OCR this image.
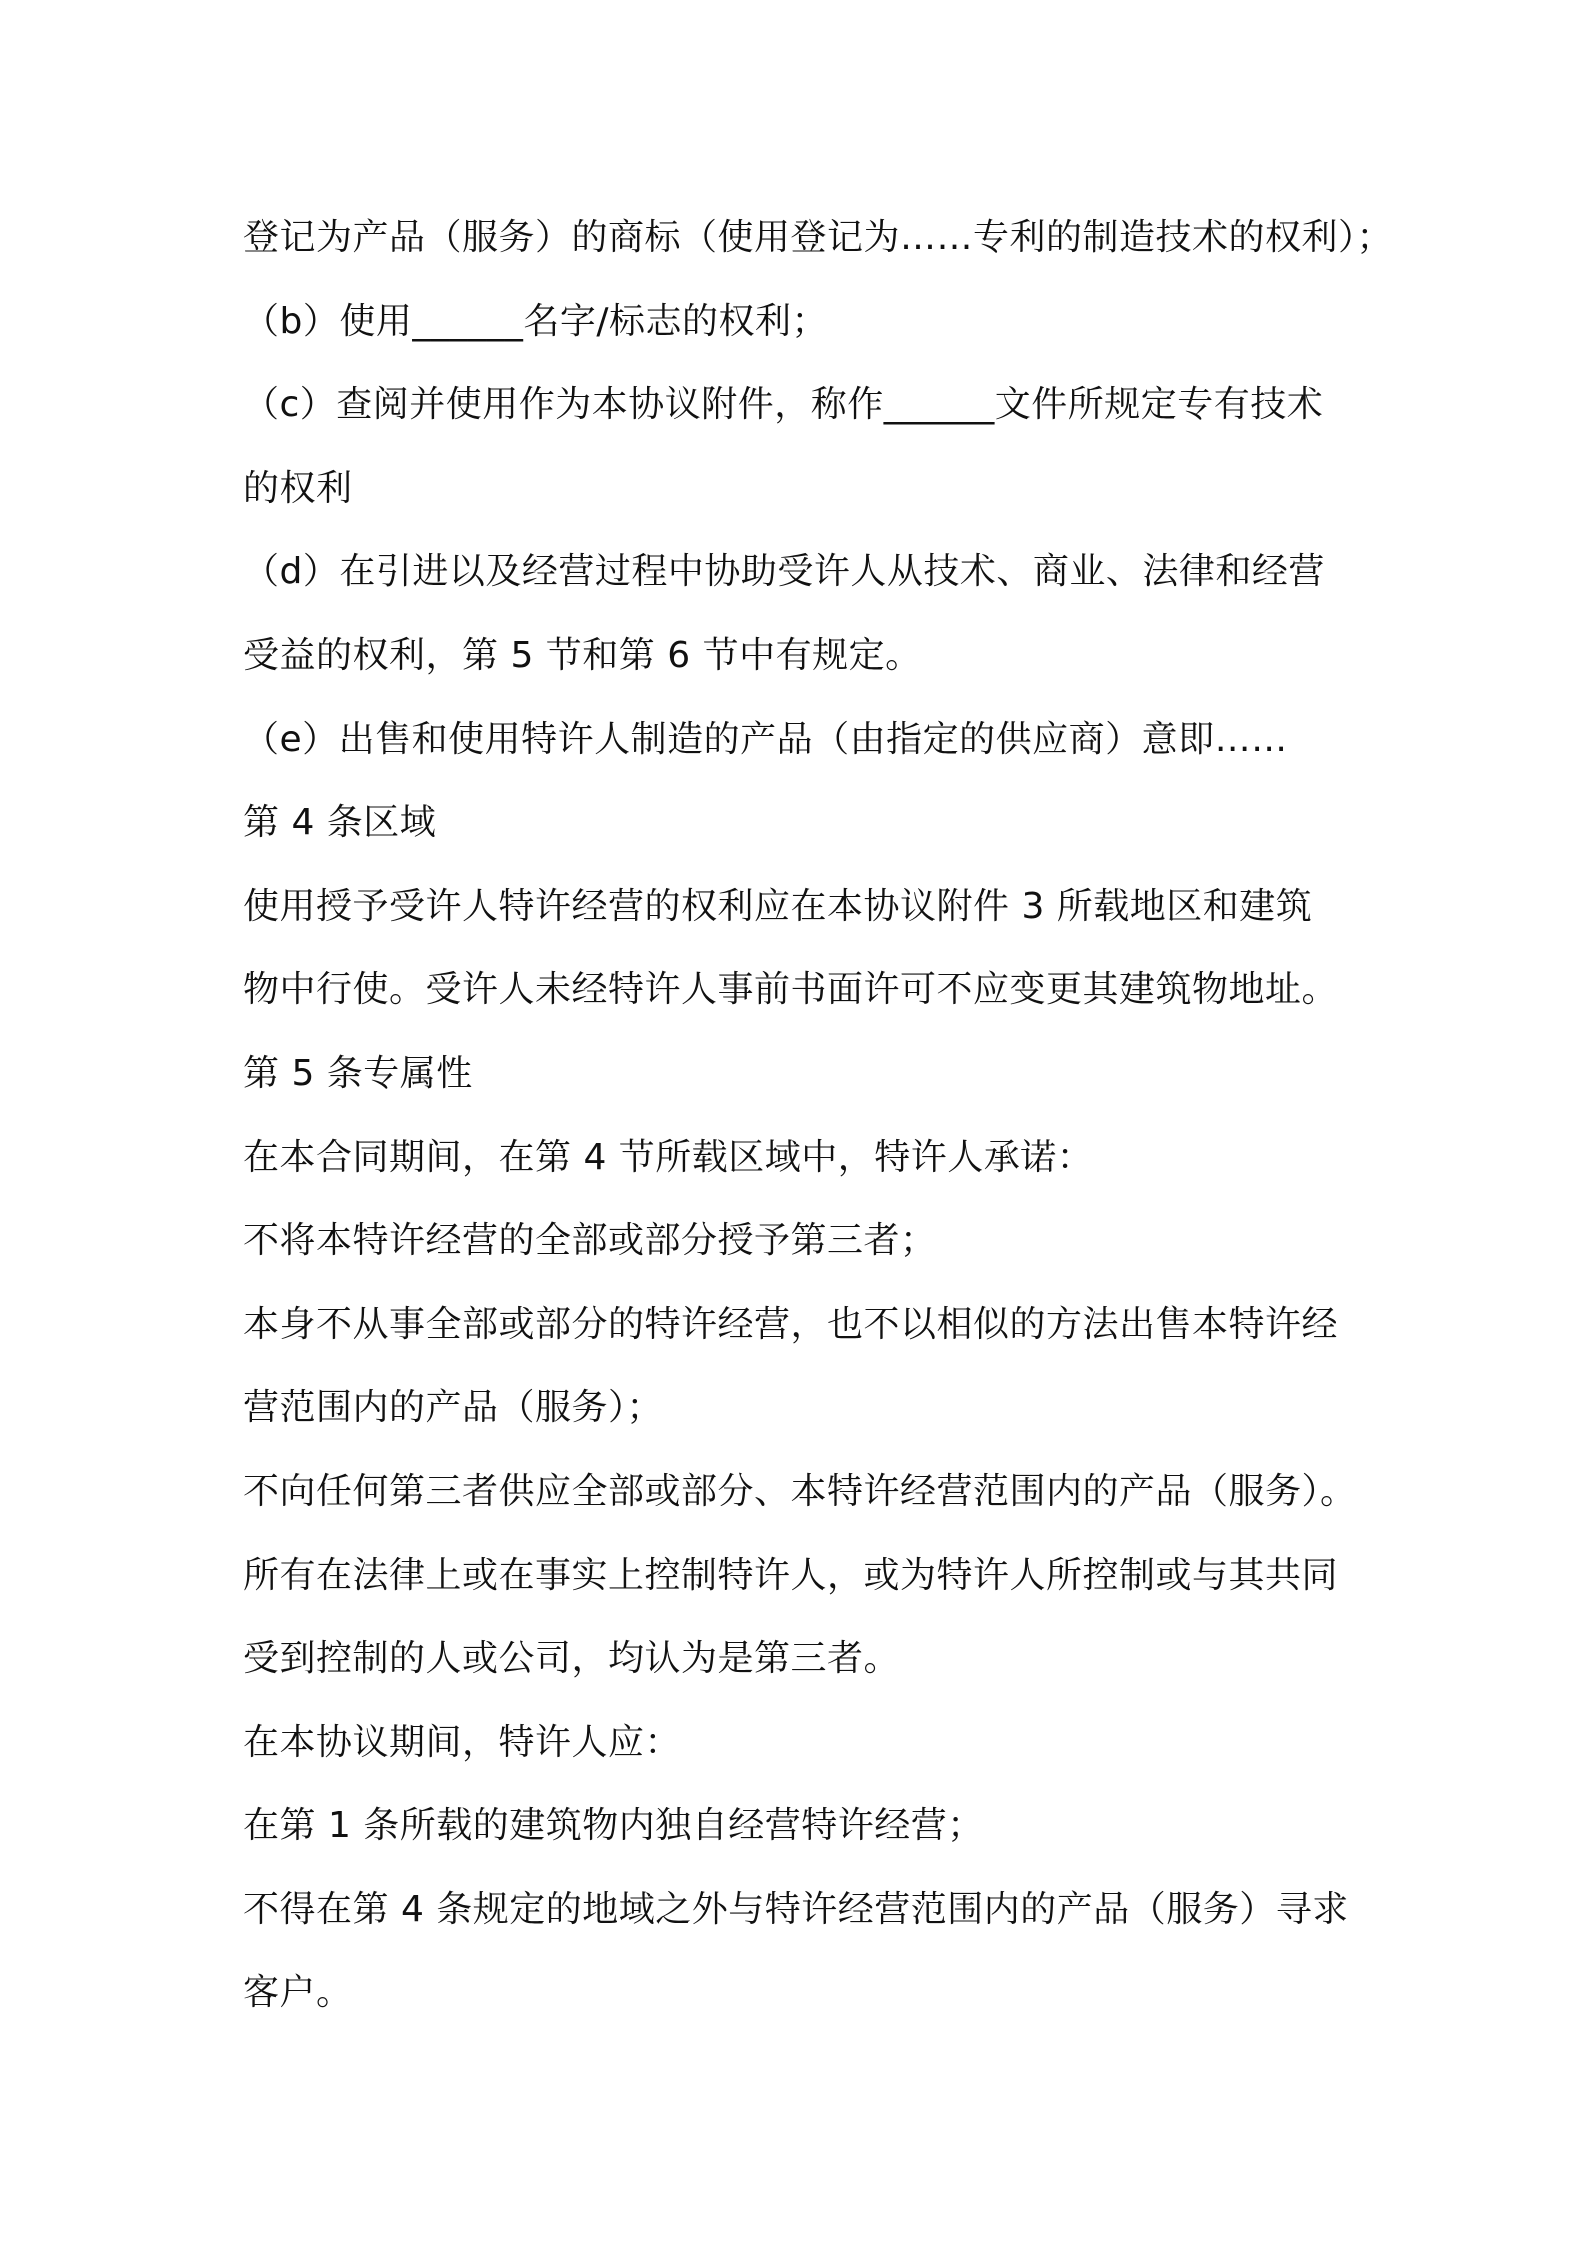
登记为产品（服务）的商标（使用登记为……专利的制造技术的权利）；
（b）使用______名字/标志的权利；
（c）查阅并使用作为本协议附件，称作______文件所规定专有技术
的权利
（d）在引进以及经营过程中协助受许人从技术、商业、法律和经营
受益的权利，第 5 节和第 6 节中有规定。
（e）出售和使用特许人制造的产品（由指定的供应商）意即……
第 4 条区域
使用授予受许人特许经营的权利应在本协议附件 3 所载地区和建筑
物中行使。受许人未经特许人事前书面许可不应变更其建筑物地址。
第 5 条专属性
在本合同期间，在第 4 节所载区域中，特许人承诺：
不将本特许经营的全部或部分授予第三者；
本身不从事全部或部分的特许经营，也不以相似的方法出售本特许经
营范围内的产品（服务）；
不向任何第三者供应全部或部分、本特许经营范围内的产品（服务）。
所有在法律上或在事实上控制特许人，或为特许人所控制或与其共同
受到控制的人或公司，均认为是第三者。
在本协议期间，特许人应：
在第 1 条所载的建筑物内独自经营特许经营；
不得在第 4 条规定的地域之外与特许经营范围内的产品（服务）寻求
客户。
